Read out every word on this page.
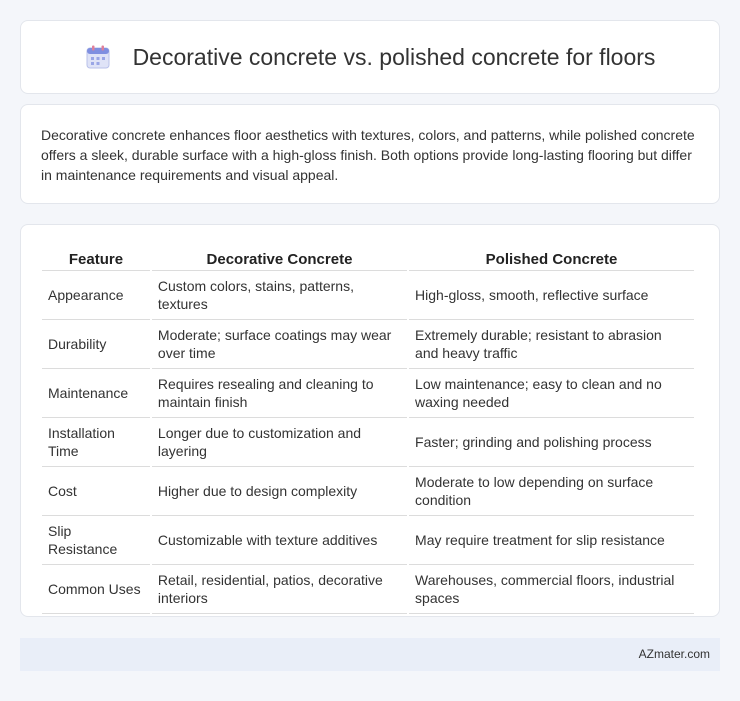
Decorative concrete vs. polished concrete for floors

Decorative concrete enhances floor aesthetics with textures, colors, and patterns, while polished concrete offers a sleek, durable surface with a high-gloss finish. Both options provide long-lasting flooring but differ in maintenance requirements and visual appeal.

Feature	Decorative Concrete	Polished Concrete
Appearance	Custom colors, stains, patterns, textures	High-gloss, smooth, reflective surface
Durability	Moderate; surface coatings may wear over time	Extremely durable; resistant to abrasion and heavy traffic
Maintenance	Requires resealing and cleaning to maintain finish	Low maintenance; easy to clean and no waxing needed
Installation Time	Longer due to customization and layering	Faster; grinding and polishing process
Cost	Higher due to design complexity	Moderate to low depending on surface condition
Slip Resistance	Customizable with texture additives	May require treatment for slip resistance
Common Uses	Retail, residential, patios, decorative interiors	Warehouses, commercial floors, industrial spaces
AZmater.com
